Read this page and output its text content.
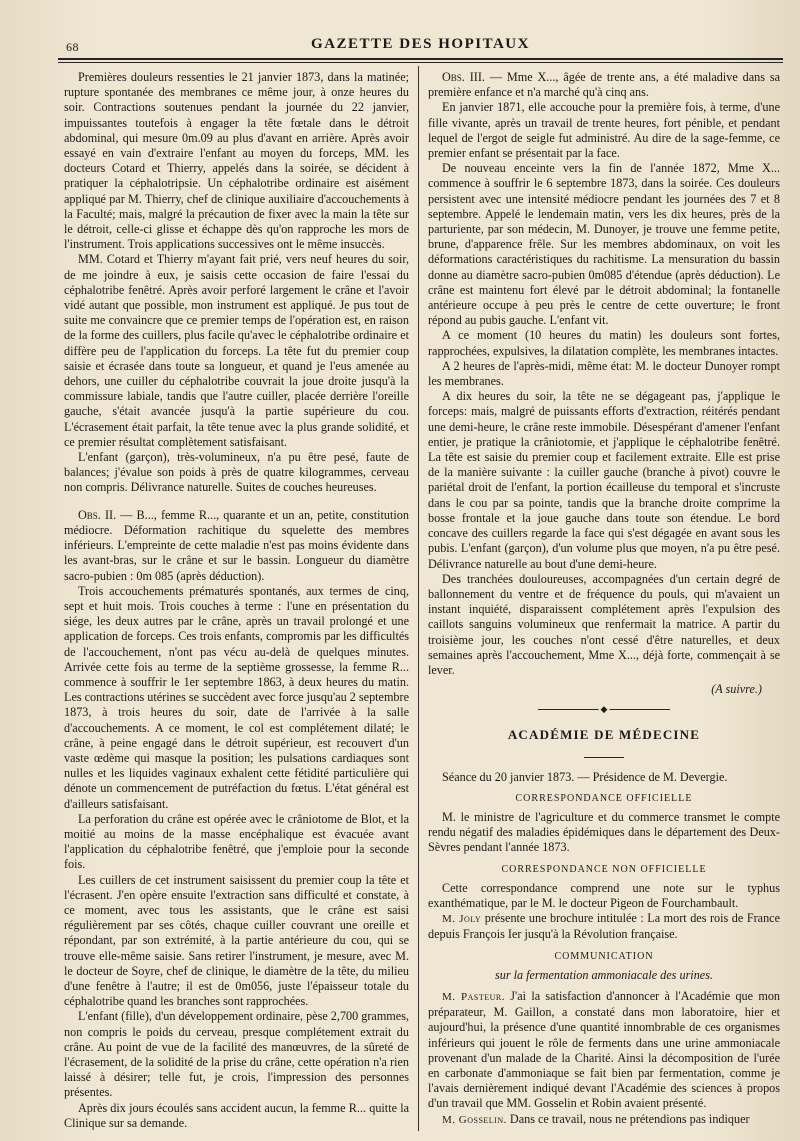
68	GAZETTE DES HOPITAUX

Premières douleurs ressenties le 21 janvier 1873, dans la matinée; rupture spontanée des membranes ce même jour, à onze heures du soir. Contractions soutenues pendant la journée du 22 janvier, impuissantes toutefois à engager la tête fœtale dans le détroit abdominal, qui mesure 0m.09 au plus d'avant en arrière. Après avoir essayé en vain d'extraire l'enfant au moyen du forceps, MM. les docteurs Cotard et Thierry, appelés dans la soirée, se décident à pratiquer la céphalotripsie. Un céphalotribe ordinaire est aisément appliqué par M. Thierry, chef de clinique auxiliaire d'accouchements à la Faculté; mais, malgré la précaution de fixer avec la main la tête sur le détroit, celle-ci glisse et échappe dès qu'on rapproche les mors de l'instrument. Trois applications successives ont le même insuccès.

MM. Cotard et Thierry m'ayant fait prié, vers neuf heures du soir, de me joindre à eux, je saisis cette occasion de faire l'essai du céphalotribe fenêtré. Après avoir perforé largement le crâne et l'avoir vidé autant que possible, mon instrument est appliqué. Je pus tout de suite me convaincre que ce premier temps de l'opération est, en raison de la forme des cuillers, plus facile qu'avec le céphalotribe ordinaire et diffère peu de l'application du forceps. La tête fut du premier coup saisie et écrasée dans toute sa longueur, et quand je l'eus amenée au dehors, une cuiller du céphalotribe couvrait la joue droite jusqu'à la commissure labiale, tandis que l'autre cuiller, placée derrière l'oreille gauche, s'était avancée jusqu'à la partie supérieure du cou. L'écrasement était parfait, la tête tenue avec la plus grande solidité, et ce premier résultat complètement satisfaisant.

L'enfant (garçon), très-volumineux, n'a pu être pesé, faute de balances; j'évalue son poids à près de quatre kilogrammes, cerveau non compris. Délivrance naturelle. Suites de couches heureuses.

Obs. II. — B..., femme R..., quarante et un an, petite, constitution médiocre. Déformation rachitique du squelette des membres inférieurs. L'empreinte de cette maladie n'est pas moins évidente dans les avant-bras, sur le crâne et sur le bassin. Longueur du diamètre sacro-pubien : 0m 085 (après déduction).

Trois accouchements prématurés spontanés, aux termes de cinq, sept et huit mois. Trois couches à terme : l'une en présentation du siége, les deux autres par le crâne, après un travail prolongé et une application de forceps. Ces trois enfants, compromis par les difficultés de l'accouchement, n'ont pas vécu au-delà de quelques minutes. Arrivée cette fois au terme de la septième grossesse, la femme R... commence à souffrir le 1er septembre 1863, à deux heures du matin. Les contractions utérines se succèdent avec force jusqu'au 2 septembre 1873, à trois heures du soir, date de l'arrivée à la salle d'accouchements. A ce moment, le col est complétement dilaté; le crâne, à peine engagé dans le détroit supérieur, est recouvert d'un vaste œdème qui masque la position; les pulsations cardiaques sont nulles et les liquides vaginaux exhalent cette fétidité particulière qui dénote un commencement de putréfaction du fœtus. L'état général est d'ailleurs satisfaisant.

La perforation du crâne est opérée avec le crâniotome de Blot, et la moitié au moins de la masse encéphalique est évacuée avant l'application du céphalotribe fenêtré, que j'emploie pour la seconde fois.

Les cuillers de cet instrument saisissent du premier coup la tête et l'écrasent. J'en opère ensuite l'extraction sans difficulté et constate, à ce moment, avec tous les assistants, que le crâne est saisi régulièrement par ses côtés, chaque cuiller couvrant une oreille et répondant, par son extrémité, à la partie antérieure du cou, qui se trouve elle-même saisie. Sans retirer l'instrument, je mesure, avec M. le docteur de Soyre, chef de clinique, le diamètre de la tête, du milieu d'une fenêtre à l'autre; il est de 0m056, juste l'épaisseur totale du céphalotribe quand les branches sont rapprochées.

L'enfant (fille), d'un développement ordinaire, pèse 2,700 grammes, non compris le poids du cerveau, presque complétement extrait du crâne. Au point de vue de la facilité des manœuvres, de la sûreté de l'écrasement, de la solidité de la prise du crâne, cette opération n'a rien laissé à désirer; telle fut, je crois, l'impression des personnes présentes.

Après dix jours écoulés sans accident aucun, la femme R... quitte la Clinique sur sa demande.

Obs. III. — Mme X..., âgée de trente ans, a été maladive dans sa première enfance et n'a marché qu'à cinq ans.

En janvier 1871, elle accouche pour la première fois, à terme, d'une fille vivante, après un travail de trente heures, fort pénible, et pendant lequel de l'ergot de seigle fut administré. Au dire de la sage-femme, ce premier enfant se présentait par la face.

De nouveau enceinte vers la fin de l'année 1872, Mme X... commence à souffrir le 6 septembre 1873, dans la soirée. Ces douleurs persistent avec une intensité médiocre pendant les journées des 7 et 8 septembre. Appelé le lendemain matin, vers les dix heures, près de la parturiente, par son médecin, M. Dunoyer, je trouve une femme petite, brune, d'apparence frêle. Sur les membres abdominaux, on voit les déformations caractéristiques du rachitisme. La mensuration du bassin donne au diamètre sacro-pubien 0m085 d'étendue (après déduction). Le crâne est maintenu fort élevé par le détroit abdominal; la fontanelle antérieure occupe à peu près le centre de cette ouverture; le front répond au pubis gauche. L'enfant vit.

A ce moment (10 heures du matin) les douleurs sont fortes, rapprochées, expulsives, la dilatation complète, les membranes intactes.

A 2 heures de l'après-midi, même état: M. le docteur Dunoyer rompt les membranes.

A dix heures du soir, la tête ne se dégageant pas, j'applique le forceps: mais, malgré de puissants efforts d'extraction, réitérés pendant une demi-heure, le crâne reste immobile. Désespérant d'amener l'enfant entier, je pratique la crâniotomie, et j'applique le céphalotribe fenêtré. La tête est saisie du premier coup et facilement extraite. Elle est prise de la manière suivante : la cuiller gauche (branche à pivot) couvre le pariétal droit de l'enfant, la portion écailleuse du temporal et s'incruste dans le cou par sa pointe, tandis que la branche droite comprime la bosse frontale et la joue gauche dans toute son étendue. Le bord concave des cuillers regarde la face qui s'est dégagée en avant sous les pubis. L'enfant (garçon), d'un volume plus que moyen, n'a pu être pesé. Délivrance naturelle au bout d'une demi-heure.

Des tranchées douloureuses, accompagnées d'un certain degré de ballonnement du ventre et de fréquence du pouls, qui m'avaient un instant inquiété, disparaissent complétement après l'expulsion des caillots sanguins volumineux que renfermait la matrice. A partir du troisième jour, les couches n'ont cessé d'être naturelles, et deux semaines après l'accouchement, Mme X..., déjà forte, commençait à se lever.

(A suivre.)

◆

ACADÉMIE DE MÉDECINE

Séance du 20 janvier 1873. — Présidence de M. Devergie.

CORRESPONDANCE OFFICIELLE

M. le ministre de l'agriculture et du commerce transmet le compte rendu négatif des maladies épidémiques dans le département des Deux-Sèvres pendant l'année 1873.

CORRESPONDANCE NON OFFICIELLE

Cette correspondance comprend une note sur le typhus exanthématique, par le M. le docteur Pigeon de Fourchambault.

M. Joly présente une brochure intitulée : La mort des rois de France depuis François Ier jusqu'à la Révolution française.

COMMUNICATION

sur la fermentation ammoniacale des urines.

M. Pasteur. J'ai la satisfaction d'annoncer à l'Académie que mon préparateur, M. Gaillon, a constaté dans mon laboratoire, hier et aujourd'hui, la présence d'une quantité innombrable de ces organismes inférieurs qui jouent le rôle de ferments dans une urine ammoniacale provenant d'un malade de la Charité. Ainsi la décomposition de l'urée en carbonate d'ammoniaque se fait bien par fermentation, comme je l'avais dernièrement indiqué devant l'Académie des sciences à propos d'un travail que MM. Gosselin et Robin avaient présenté.

M. Gosselin. Dans ce travail, nous ne prétendions pas indiquer
